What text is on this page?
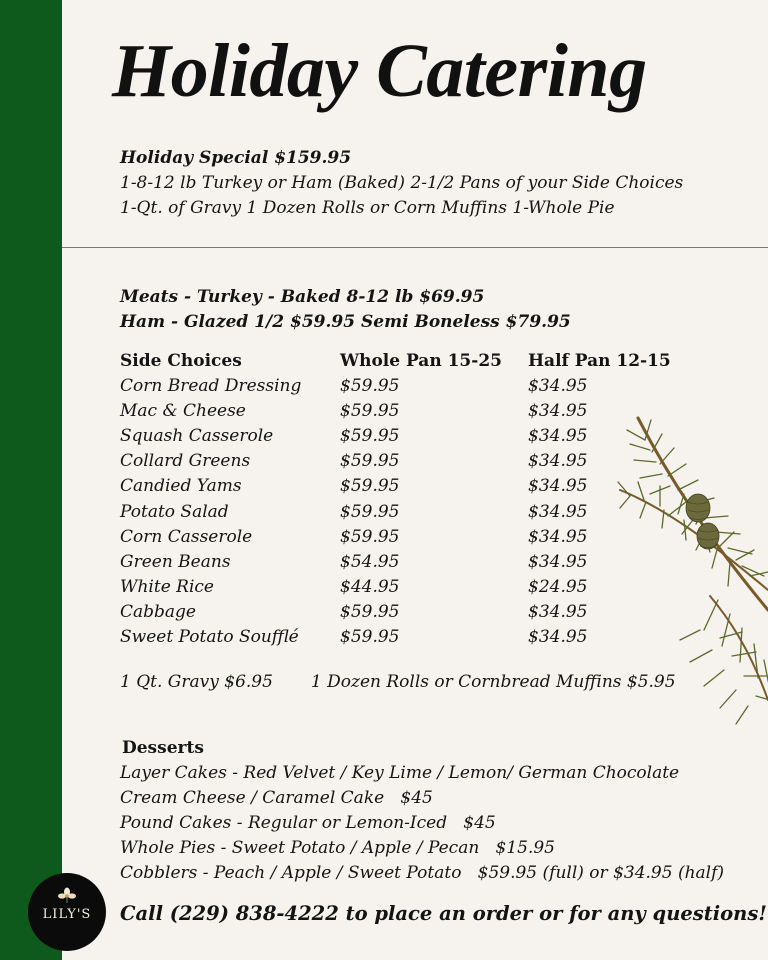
Holiday Catering
Holiday Special $159.95
1-8-12 lb Turkey or Ham (Baked) 2-1/2 Pans of your Side Choices
1-Qt. of Gravy 1 Dozen Rolls or Corn Muffins 1-Whole Pie
Meats - Turkey - Baked 8-12 lb $69.95
Ham - Glazed 1/2 $59.95 Semi Boneless $79.95
Side Choices	Whole Pan 15-25	Half Pan 12-15
Corn Bread Dressing	$59.95	$34.95
Mac & Cheese	$59.95	$34.95
Squash Casserole	$59.95	$34.95
Collard Greens	$59.95	$34.95
Candied Yams	$59.95	$34.95
Potato Salad	$59.95	$34.95
Corn Casserole	$59.95	$34.95
Green Beans	$54.95	$34.95
White Rice	$44.95	$24.95
Cabbage	$59.95	$34.95
Sweet Potato Soufflé	$59.95	$34.95
1 Qt. Gravy $6.95 1 Dozen Rolls or Cornbread Muffins $5.95
Desserts
Layer Cakes - Red Velvet / Key Lime / Lemon/ German Chocolate
Cream Cheese / Caramel Cake   $45
Pound Cakes - Regular or Lemon-Iced   $45
Whole Pies - Sweet Potato / Apple / Pecan   $15.95
Cobblers - Peach / Apple / Sweet Potato   $59.95 (full) or $34.95 (half)
Call (229) 838-4222 to place an order or for any questions!
LILY'S
